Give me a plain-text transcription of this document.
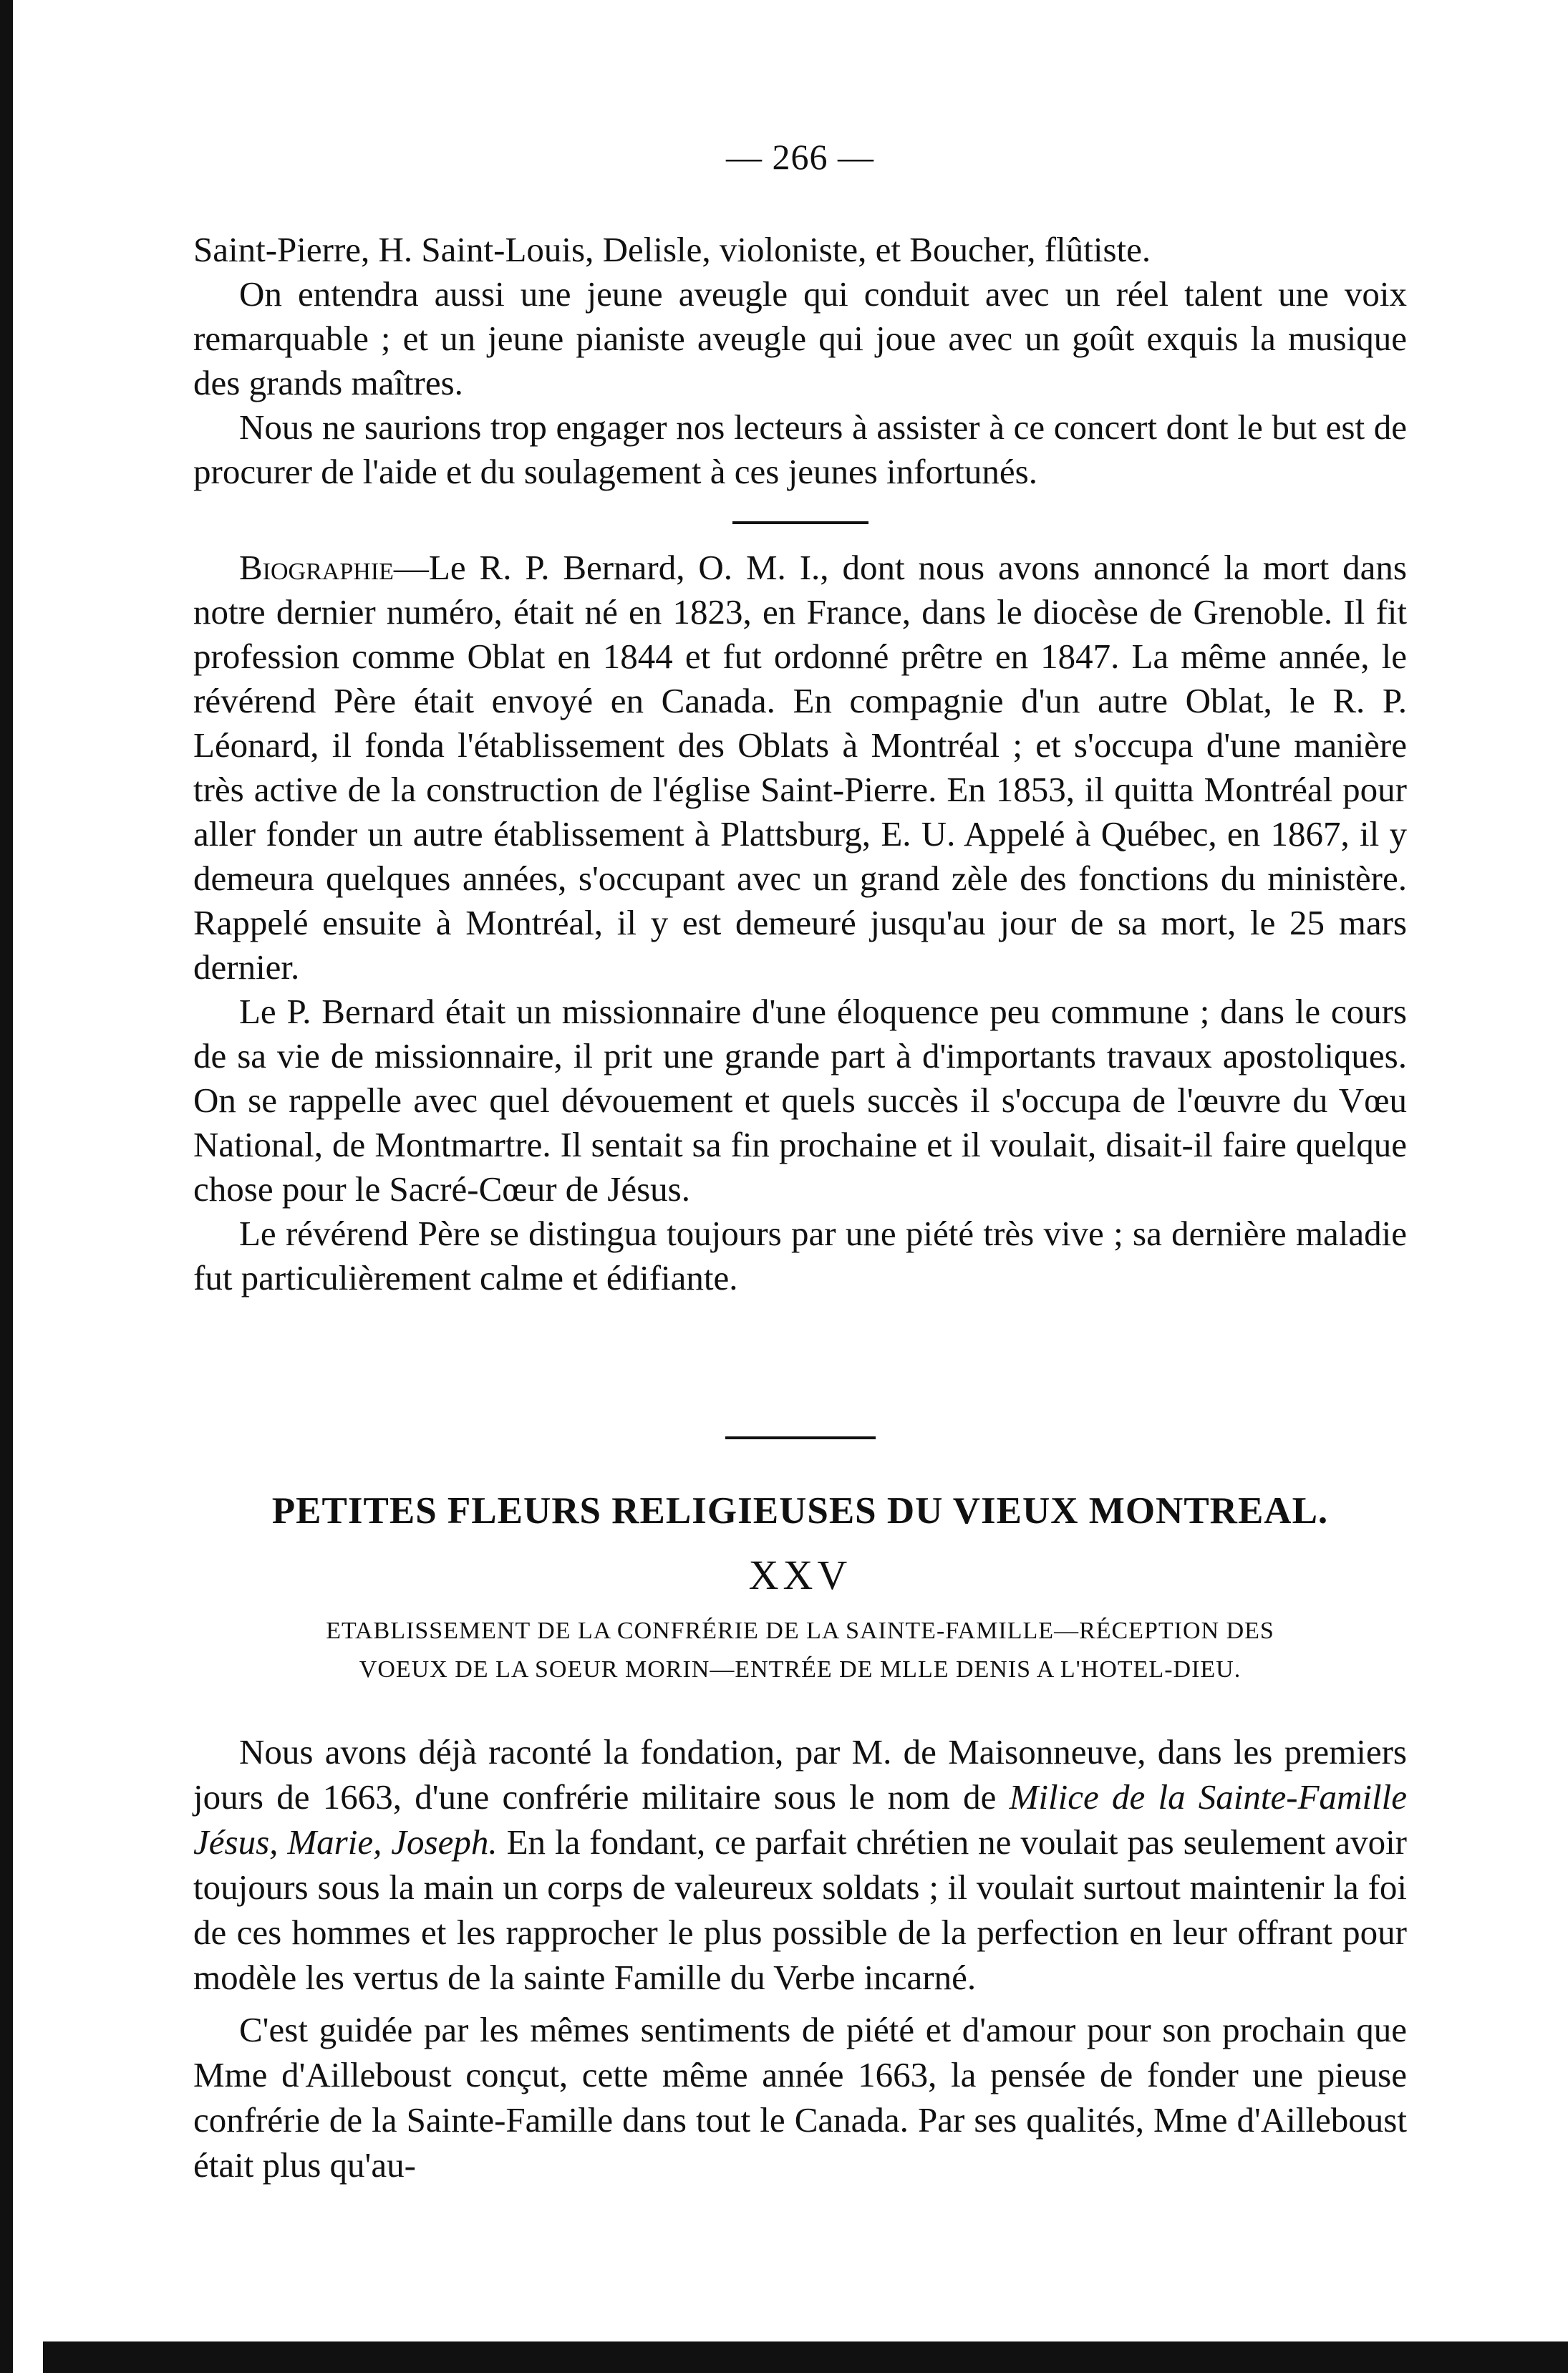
— 266 —

Saint-Pierre, H. Saint-Louis, Delisle, violoniste, et Boucher, flûtiste.

On entendra aussi une jeune aveugle qui conduit avec un réel talent une voix remarquable ; et un jeune pianiste aveugle qui joue avec un goût exquis la musique des grands maîtres.

Nous ne saurions trop engager nos lecteurs à assister à ce concert dont le but est de procurer de l'aide et du soulagement à ces jeunes infortunés.

Biographie—Le R. P. Bernard, O. M. I., dont nous avons annoncé la mort dans notre dernier numéro, était né en 1823, en France, dans le diocèse de Grenoble. Il fit profession comme Oblat en 1844 et fut ordonné prêtre en 1847. La même année, le révérend Père était envoyé en Canada. En compagnie d'un autre Oblat, le R. P. Léonard, il fonda l'établissement des Oblats à Montréal ; et s'occupa d'une manière très active de la construction de l'église Saint-Pierre. En 1853, il quitta Montréal pour aller fonder un autre établissement à Plattsburg, E. U. Appelé à Québec, en 1867, il y demeura quelques années, s'occupant avec un grand zèle des fonctions du ministère. Rappelé ensuite à Montréal, il y est demeuré jusqu'au jour de sa mort, le 25 mars dernier.

Le P. Bernard était un missionnaire d'une éloquence peu commune ; dans le cours de sa vie de missionnaire, il prit une grande part à d'importants travaux apostoliques. On se rappelle avec quel dévouement et quels succès il s'occupa de l'œuvre du Vœu National, de Montmartre. Il sentait sa fin prochaine et il voulait, disait-il faire quelque chose pour le Sacré-Cœur de Jésus.

Le révérend Père se distingua toujours par une piété très vive ; sa dernière maladie fut particulièrement calme et édifiante.

PETITES FLEURS RELIGIEUSES DU VIEUX MONTREAL.
XXV
ETABLISSEMENT DE LA CONFRÉRIE DE LA SAINTE-FAMILLE—RÉCEPTION DES
VOEUX DE LA SOEUR MORIN—ENTRÉE DE MLLE DENIS A L'HOTEL-DIEU.

Nous avons déjà raconté la fondation, par M. de Maisonneuve, dans les premiers jours de 1663, d'une confrérie militaire sous le nom de Milice de la Sainte-Famille Jésus, Marie, Joseph. En la fondant, ce parfait chrétien ne voulait pas seulement avoir toujours sous la main un corps de valeureux soldats ; il voulait surtout maintenir la foi de ces hommes et les rapprocher le plus possible de la perfection en leur offrant pour modèle les vertus de la sainte Famille du Verbe incarné.

C'est guidée par les mêmes sentiments de piété et d'amour pour son prochain que Mme d'Ailleboust conçut, cette même année 1663, la pensée de fonder une pieuse confrérie de la Sainte-Famille dans tout le Canada. Par ses qualités, Mme d'Ailleboust était plus qu'au-
